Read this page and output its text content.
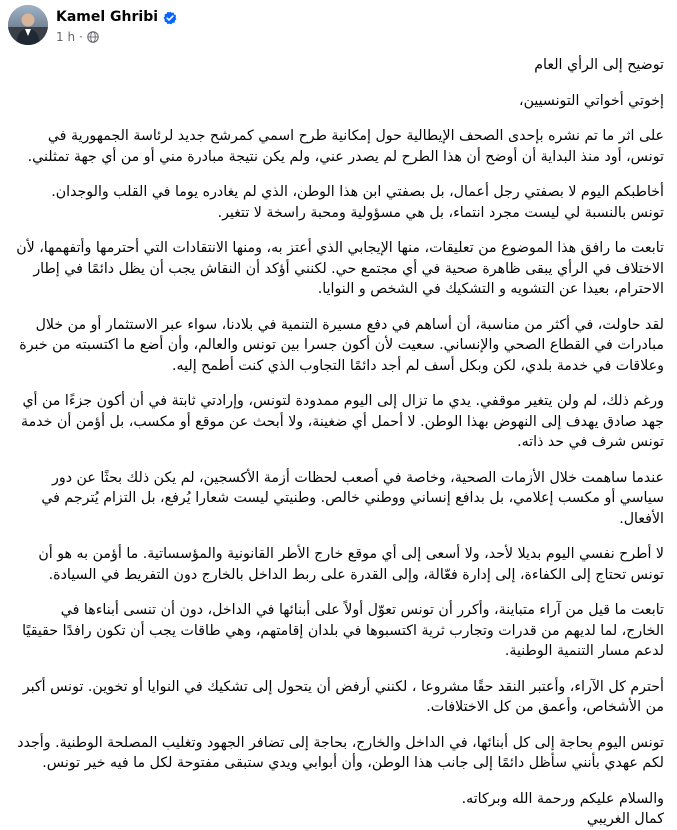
Kamel Ghribi
1 h ·

توضيح إلى الرأي العام

إخوتي أخواتي التونسيين،

على اثر ما تم نشره بإحدى الصحف الإيطالية حول إمكانية طرح اسمي كمرشح جديد لرئاسة الجمهورية في تونس، أود منذ البداية أن أوضح أن هذا الطرح لم يصدر عني، ولم يكن نتيجة مبادرة مني أو من أي جهة تمثلني.

أخاطبكم اليوم لا بصفتي رجل أعمال، بل بصفتي ابن هذا الوطن، الذي لم يغادره يوما في القلب والوجدان. تونس بالنسبة لي ليست مجرد انتماء، بل هي مسؤولية ومحبة راسخة لا تتغير.

تابعت ما رافق هذا الموضوع من تعليقات، منها الإيجابي الذي أعتز به، ومنها الانتقادات التي أحترمها وأتفهمها، لأن الاختلاف في الرأي يبقى ظاهرة صحية في أي مجتمع حي. لكنني أؤكد أن النقاش يجب أن يظل دائمًا في إطار الاحترام، بعيدا عن التشويه و التشكيك في الشخص و النوايا.

لقد حاولت، في أكثر من مناسبة، أن أساهم في دفع مسيرة التنمية في بلادنا، سواء عبر الاستثمار أو من خلال مبادرات في القطاع الصحي والإنساني. سعيت لأن أكون جسرا بين تونس والعالم، وأن أضع ما اكتسبته من خبرة وعلاقات في خدمة بلدي، لكن وبكل أسف لم أجد دائمًا التجاوب الذي كنت أطمح إليه.

ورغم ذلك، لم ولن يتغير موقفي. يدي ما تزال إلى اليوم ممدودة لتونس، وإرادتي ثابتة في أن أكون جزءًا من أي جهد صادق يهدف إلى النهوض بهذا الوطن. لا أحمل أي ضغينة، ولا أبحث عن موقع أو مكسب، بل أؤمن أن خدمة تونس شرف في حد ذاته.

عندما ساهمت خلال الأزمات الصحية، وخاصة في أصعب لحظات أزمة الأكسجين، لم يكن ذلك بحثًا عن دور سياسي أو مكسب إعلامي، بل بدافع إنساني ووطني خالص. وطنيتي ليست شعارا يُرفع، بل التزام يُترجم في الأفعال.

لا أطرح نفسي اليوم بديلا لأحد، ولا أسعى إلى أي موقع خارج الأطر القانونية والمؤسساتية. ما أؤمن به هو أن تونس تحتاج إلى الكفاءة، إلى إدارة فعّالة، وإلى القدرة على ربط الداخل بالخارج دون التفريط في السيادة.

تابعت ما قيل من آراء متباينة، وأكرر أن تونس تعوّل أولاً على أبنائها في الداخل، دون أن تنسى أبناءها في الخارج، لما لديهم من قدرات وتجارب ثرية اكتسبوها في بلدان إقامتهم، وهي طاقات يجب أن تكون رافدًا حقيقيًا لدعم مسار التنمية الوطنية.

أحترم كل الآراء، وأعتبر النقد حقًا مشروعا ، لكنني أرفض أن يتحول إلى تشكيك في النوايا أو تخوين. تونس أكبر من الأشخاص، وأعمق من كل الاختلافات.

تونس اليوم بحاجة إلى كل أبنائها، في الداخل والخارج، بحاجة إلى تضافر الجهود وتغليب المصلحة الوطنية. وأجدد لكم عهدي بأنني سأظل دائمًا إلى جانب هذا الوطن، وأن أبوابي ويدي ستبقى مفتوحة لكل ما فيه خير تونس.

والسلام عليكم ورحمة الله وبركاته.

كمال الغريبي
